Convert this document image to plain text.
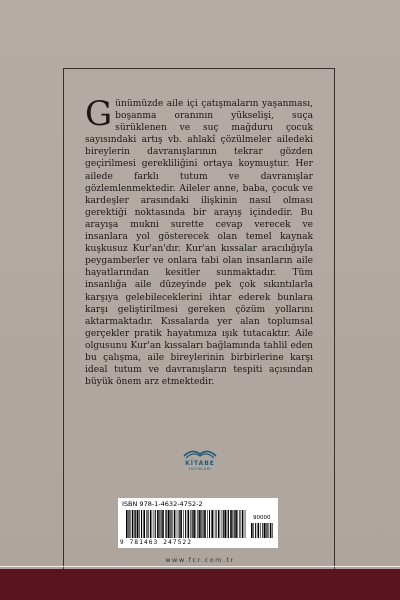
Günümüzde aile içi çatışmaların yaşanması, boşanma oranının yükselişi, suça sürüklenen ve suç mağduru çocuk sayısındaki artış vb. ahlakî çözülmeler ailedeki bireylerin davranışlarının tekrar gözden geçirilmesi gerekliliğini ortaya koymuştur. Her ailede farklı tutum ve davranışlar gözlemlenmektedir. Aileler anne, baba, çocuk ve kardeşler arasındaki ilişkinin nasıl olması gerektiği noktasında bir arayış içindedir. Bu arayışa mukni surette cevap verecek ve insanlara yol gösterecek olan temel kaynak kuşkusuz Kur'an'dır. Kur'an kıssalar aracılığıyla peygamberler ve onlara tabi olan insanların aile hayatlarından kesitler sunmaktadır. Tüm insanlığa aile düzeyinde pek çok sıkıntılarla karşıya gelebileceklerini ihtar ederek bunlara karşı geliştirilmesi gereken çözüm yollarını aktarmaktadır. Kıssalarda yer alan toplumsal gerçekler pratik hayatımıza ışık tutacaktır. Aile olgusunu Kur'an kıssaları bağlamında tahlil eden bu çalışma, aile bireylerinin birbirlerine karşı ideal tutum ve davranışların tespiti açısından büyük önem arz etmektedir.
KİTABE
YAYINLARI
ISBN 978-1-4632-4752-2
90000
9 781463 247522
www.fcr.com.tr
